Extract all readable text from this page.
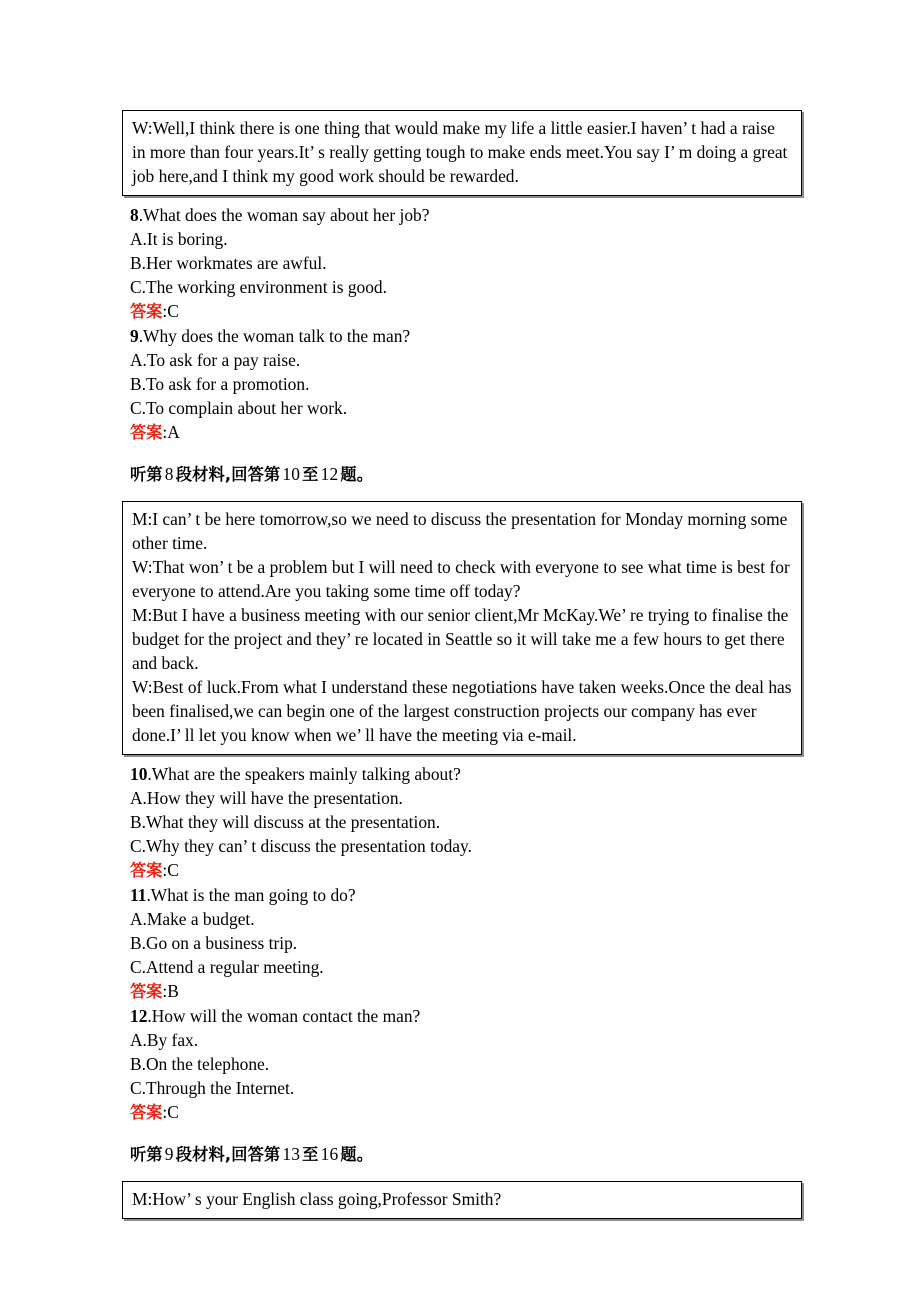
W:Well,I think there is one thing that would make my life a little easier.I haven’ t had a raise in more than four years.It’ s really getting tough to make ends meet.You say I’ m doing a great job here,and I think my good work should be rewarded.
8.What does the woman say about her job?
A.It is boring.
B.Her workmates are awful.
C.The working environment is good.
答案:C
9.Why does the woman talk to the man?
A.To ask for a pay raise.
B.To ask for a promotion.
C.To complain about her work.
答案:A
听第 8 段材料,回答第 10 至 12 题。
M:I can’ t be here tomorrow,so we need to discuss the presentation for Monday morning some other time.
W:That won’ t be a problem but I will need to check with everyone to see what time is best for everyone to attend.Are you taking some time off today?
M:But I have a business meeting with our senior client,Mr McKay.We’ re trying to finalise the budget for the project and they’ re located in Seattle so it will take me a few hours to get there and back.
W:Best of luck.From what I understand these negotiations have taken weeks.Once the deal has been finalised,we can begin one of the largest construction projects our company has ever done.I’ ll let you know when we’ ll have the meeting via e-mail.
10.What are the speakers mainly talking about?
A.How they will have the presentation.
B.What they will discuss at the presentation.
C.Why they can’ t discuss the presentation today.
答案:C
11.What is the man going to do?
A.Make a budget.
B.Go on a business trip.
C.Attend a regular meeting.
答案:B
12.How will the woman contact the man?
A.By fax.
B.On the telephone.
C.Through the Internet.
答案:C
听第 9 段材料,回答第 13 至 16 题。
M:How’ s your English class going,Professor Smith?
